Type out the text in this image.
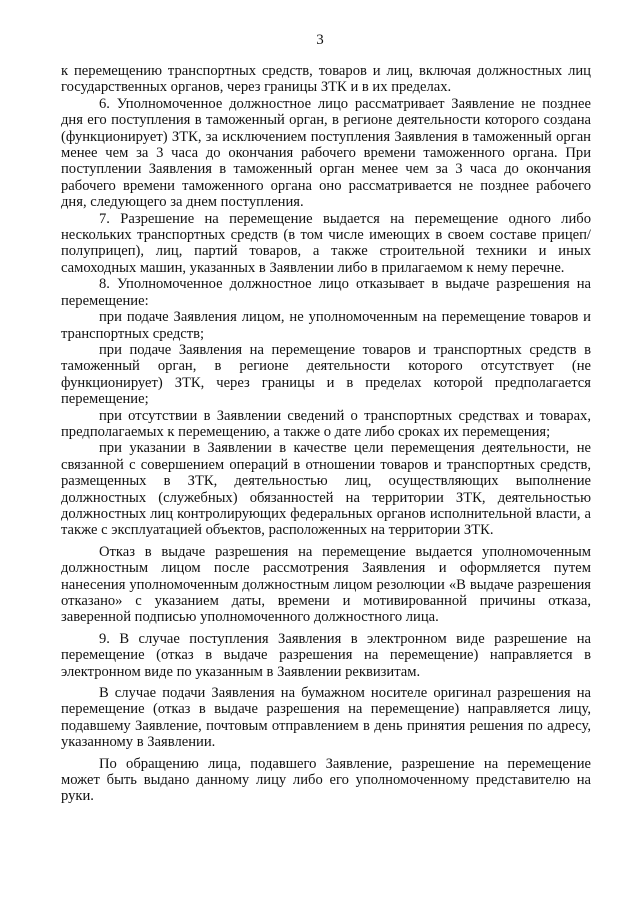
3

к перемещению транспортных средств, товаров и лиц, включая должностных лиц государственных органов, через границы ЗТК и в их пределах.

6. Уполномоченное должностное лицо рассматривает Заявление не позднее дня его поступления в таможенный орган, в регионе деятельности которого создана (функционирует) ЗТК, за исключением поступления Заявления в таможенный орган менее чем за 3 часа до окончания рабочего времени таможенного органа. При поступлении Заявления в таможенный орган менее чем за 3 часа до окончания рабочего времени таможенного органа оно рассматривается не позднее рабочего дня, следующего за днем поступления.

7. Разрешение на перемещение выдается на перемещение одного либо нескольких транспортных средств (в том числе имеющих в своем составе прицеп/полуприцеп), лиц, партий товаров, а также строительной техники и иных самоходных машин, указанных в Заявлении либо в прилагаемом к нему перечне.

8. Уполномоченное должностное лицо отказывает в выдаче разрешения на перемещение:

при подаче Заявления лицом, не уполномоченным на перемещение товаров и транспортных средств;

при подаче Заявления на перемещение товаров и транспортных средств в таможенный орган, в регионе деятельности которого отсутствует (не функционирует) ЗТК, через границы и в пределах которой предполагается перемещение;

при отсутствии в Заявлении сведений о транспортных средствах и товарах, предполагаемых к перемещению, а также о дате либо сроках их перемещения;

при указании в Заявлении в качестве цели перемещения деятельности, не связанной с совершением операций в отношении товаров и транспортных средств, размещенных в ЗТК, деятельностью лиц, осуществляющих выполнение должностных (служебных) обязанностей на территории ЗТК, деятельностью должностных лиц контролирующих федеральных органов исполнительной власти, а также с эксплуатацией объектов, расположенных на территории ЗТК.

Отказ в выдаче разрешения на перемещение выдается уполномоченным должностным лицом после рассмотрения Заявления и оформляется путем нанесения уполномоченным должностным лицом резолюции «В выдаче разрешения отказано» с указанием даты, времени и мотивированной причины отказа, заверенной подписью уполномоченного должностного лица.

9. В случае поступления Заявления в электронном виде разрешение на перемещение (отказ в выдаче разрешения на перемещение) направляется в электронном виде по указанным в Заявлении реквизитам.

В случае подачи Заявления на бумажном носителе оригинал разрешения на перемещение (отказ в выдаче разрешения на перемещение) направляется лицу, подавшему Заявление, почтовым отправлением в день принятия решения по адресу, указанному в Заявлении.

По обращению лица, подавшего Заявление, разрешение на перемещение может быть выдано данному лицу либо его уполномоченному представителю на руки.
